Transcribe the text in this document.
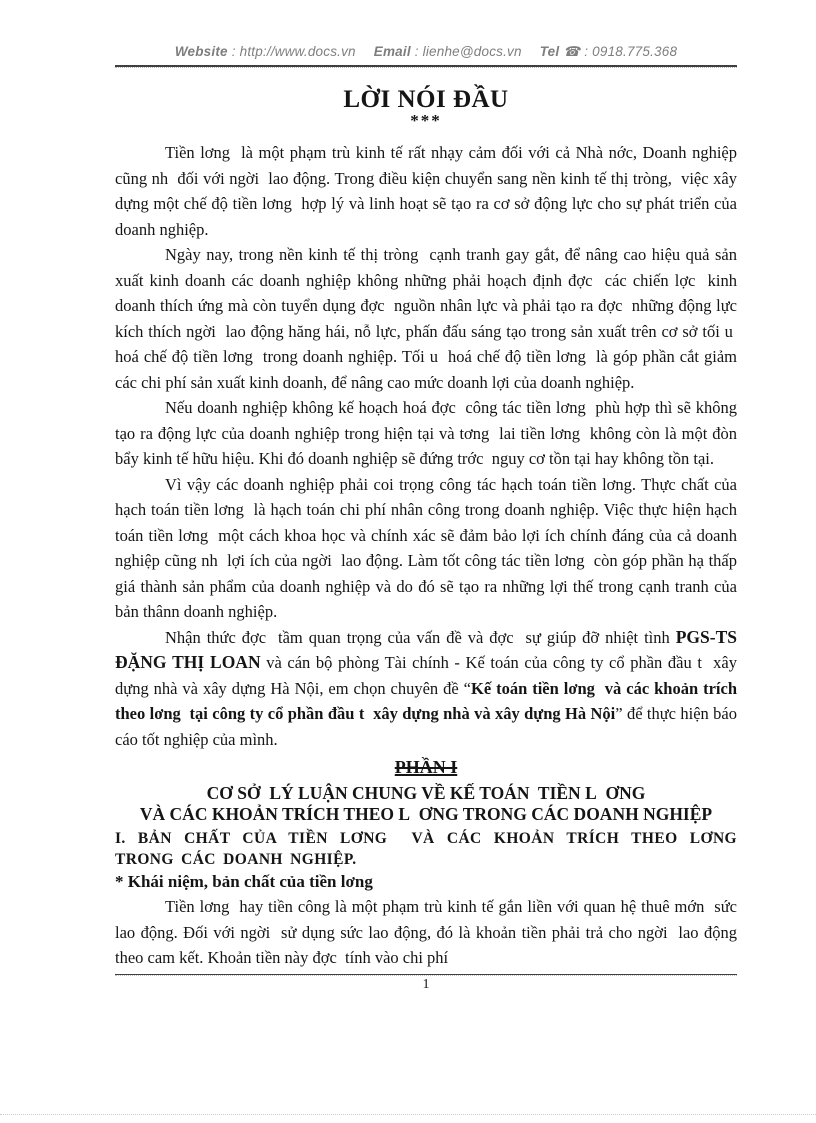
Website : http://www.docs.vn Email : lienhe@docs.vn Tel ☎ : 0918.775.368
LỜI NÓI ĐẦU
***

Tiền lơng  là một phạm trù kinh tế rất nhạy cảm đối với cả Nhà nớc, Doanh nghiệp cũng nh  đối với ngời  lao động. Trong điều kiện chuyển sang nền kinh tế thị tròng,  việc xây dựng một chế độ tiền lơng  hợp lý và linh hoạt sẽ tạo ra cơ sở động lực cho sự phát triển của doanh nghiệp.

Ngày nay, trong nền kinh tế thị tròng  cạnh tranh gay gắt, để nâng cao hiệu quả sản xuất kinh doanh các doanh nghiệp không những phải hoạch định đợc  các chiến lợc  kinh doanh thích ứng mà còn tuyển dụng đợc  nguồn nhân lực và phải tạo ra đợc  những động lực kích thích ngời  lao động hăng hái, nỗ lực, phấn đấu sáng tạo trong sản xuất trên cơ sở tối u  hoá chế độ tiền lơng  trong doanh nghiệp. Tối u  hoá chế độ tiền lơng  là góp phần cắt giảm các chi phí sản xuất kinh doanh, để nâng cao mức doanh lợi của doanh nghiệp.

Nếu doanh nghiệp không kế hoạch hoá đợc  công tác tiền lơng  phù hợp thì sẽ không tạo ra động lực của doanh nghiệp trong hiện tại và tơng  lai tiền lơng  không còn là một đòn bẩy kinh tế hữu hiệu. Khi đó doanh nghiệp sẽ đứng trớc  nguy cơ tồn tại hay không tồn tại.

Vì vậy các doanh nghiệp phải coi trọng công tác hạch toán tiền lơng. Thực chất của hạch toán tiền lơng  là hạch toán chi phí nhân công trong doanh nghiệp. Việc thực hiện hạch toán tiền lơng  một cách khoa học và chính xác sẽ đảm bảo lợi ích chính đáng của cả doanh nghiệp cũng nh  lợi ích của ngời  lao động. Làm tốt công tác tiền lơng  còn góp phần hạ thấp giá thành sản phẩm của doanh nghiệp và do đó sẽ tạo ra những lợi thế trong cạnh tranh của bản thânn doanh nghiệp.

Nhận thức đợc  tầm quan trọng của vấn đề và đợc  sự giúp đỡ nhiệt tình PGS-TS ĐẶNG THỊ LOAN và cán bộ phòng Tài chính - Kế toán của công ty cổ phần đầu t  xây dựng nhà và xây dựng Hà Nội, em chọn chuyên đề “Kế toán tiền lơng  và các khoản trích theo lơng  tại công ty cổ phần đầu t  xây dựng nhà và xây dựng Hà Nội” để thực hiện báo cáo tốt nghiệp của mình.

PHẦN I
CƠ SỞ  LÝ LUẬN CHUNG VỀ KẾ TOÁN  TIỀN L  ƠNG
VÀ CÁC KHOẢN TRÍCH THEO L  ƠNG TRONG CÁC DOANH NGHIỆP
I. BẢN CHẤT CỦA TIỀN LƠNG  VÀ CÁC KHOẢN TRÍCH THEO LƠNG TRONG CÁC DOANH NGHIỆP.
* Khái niệm, bản chất của tiền lơng

Tiền lơng  hay tiền công là một phạm trù kinh tế gắn liền với quan hệ thuê mớn  sức lao động. Đối với ngời  sử dụng sức lao động, đó là khoản tiền phải trả cho ngời  lao động theo cam kết. Khoản tiền này đợc  tính vào chi phí

1
